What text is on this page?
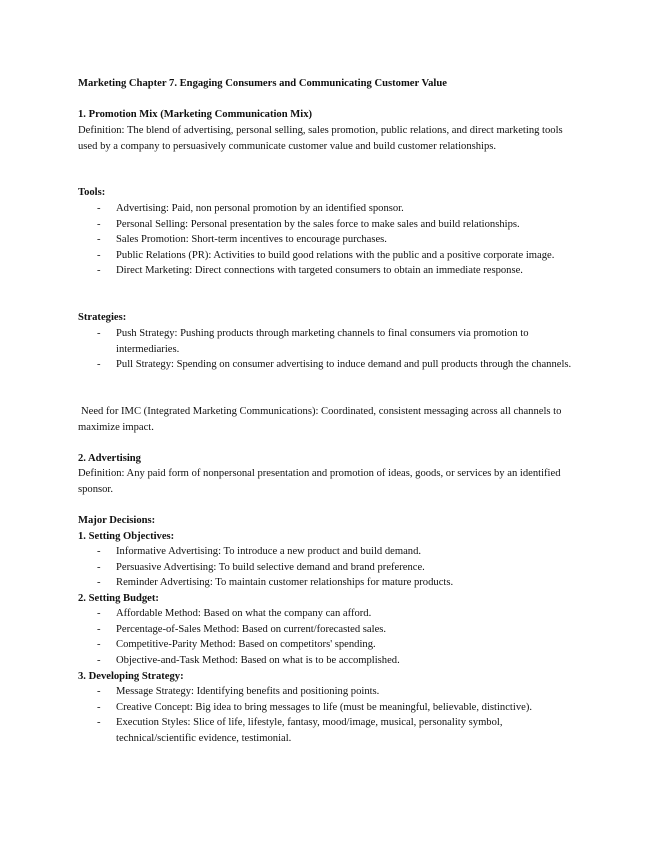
Marketing Chapter 7. Engaging Consumers and Communicating Customer Value
1. Promotion Mix (Marketing Communication Mix)
Definition: The blend of advertising, personal selling, sales promotion, public relations, and direct marketing tools used by a company to persuasively communicate customer value and build customer relationships.
Tools:
- Advertising: Paid, non personal promotion by an identified sponsor.
- Personal Selling: Personal presentation by the sales force to make sales and build relationships.
- Sales Promotion: Short-term incentives to encourage purchases.
- Public Relations (PR): Activities to build good relations with the public and a positive corporate image.
- Direct Marketing: Direct connections with targeted consumers to obtain an immediate response.
Strategies:
- Push Strategy: Pushing products through marketing channels to final consumers via promotion to intermediaries.
- Pull Strategy: Spending on consumer advertising to induce demand and pull products through the channels.
Need for IMC (Integrated Marketing Communications): Coordinated, consistent messaging across all channels to maximize impact.
2. Advertising
Definition: Any paid form of nonpersonal presentation and promotion of ideas, goods, or services by an identified sponsor.
Major Decisions:
1. Setting Objectives:
- Informative Advertising: To introduce a new product and build demand.
- Persuasive Advertising: To build selective demand and brand preference.
- Reminder Advertising: To maintain customer relationships for mature products.
2. Setting Budget:
- Affordable Method: Based on what the company can afford.
- Percentage-of-Sales Method: Based on current/forecasted sales.
- Competitive-Parity Method: Based on competitors' spending.
- Objective-and-Task Method: Based on what is to be accomplished.
3. Developing Strategy:
- Message Strategy: Identifying benefits and positioning points.
- Creative Concept: Big idea to bring messages to life (must be meaningful, believable, distinctive).
- Execution Styles: Slice of life, lifestyle, fantasy, mood/image, musical, personality symbol, technical/scientific evidence, testimonial.
